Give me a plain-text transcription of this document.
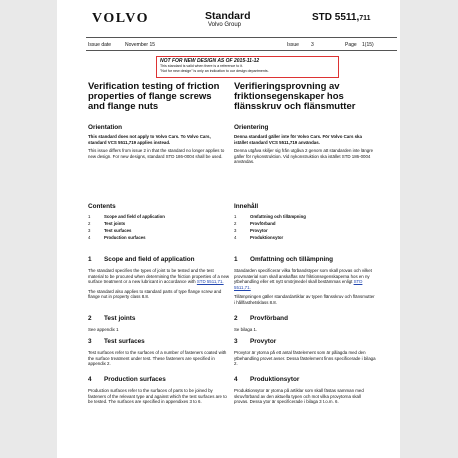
VOLVO	Standard
Volvo Group
STD 5511,711
Issue date	November 15	Issue 3	Page 1(15)
NOT FOR NEW DESIGN AS OF 2015-11-12
This standard is valid when there is a reference to it.
"Not for new design" is only an indication to our design departments.
Verification testing of friction properties of flange screws and flange nuts
Orientation
This standard does not apply to Volvo Cars. To Volvo Cars, standard VCS 5511,719 applies instead.
This issue differs from issue 2 in that the standard no longer applies to new design. For new designs, standard STD 186-0004 shall be used.
Contents
1	Scope and field of application
2	Test joints
3	Test surfaces
4	Production surfaces
1 Scope and field of application
The standard specifies the types of joint to be tested and the test material to be procured when determining the friction properties of a new surface treatment or a new lubricant in accordance with STD 5511,71.
The standard also applies to standard parts of type flange screw and flange nut in property class 8.8.
2 Test joints
See appendix 1
3 Test surfaces
Test surfaces refer to the surfaces of a number of fasteners coated with the surface treatment under test. These fasteners are specified in appendix 2.
4 Production surfaces
Production surfaces refer to the surfaces of parts to be joined by fasteners of the relevant type and against which the test surfaces are to be tested. The surfaces are specified in appendixes 3 to 6.
Verifieringsprovning av friktionsegenskaper hos flänsskruv och flänsmutter
Orientering
Denna standard gäller inte för Volvo Cars. För Volvo Cars ska istället standard VCS 5511,719 användas.
Denna utgåva skiljer sig från utgåva 2 genom att standarden inte längre gäller för nykonstruktion. Vid nykonstruktion ska istället STD 186-0004 användas.
Innehåll
1	Omfattning och tillämpning
2	Provförband
3	Provytor
4	Produktionsytor
1 Omfattning och tillämpning
Standarden specificerar vilka förbandstyper som skall provas och vilket provmaterial som skall anskaffas när friktionsegenskaperna hos en ny ytbehandling eller ett nytt smörjmedel skall bestämmas enligt STD 5511,71.
Tillämpningen gäller standardartiklar av typen flänsskruv och flänsmutter i hållfasthetsklass 8.8.
2 Provförband
Se bilaga 1.
3 Provytor
Provytor är ytorna på ett antal fästelement som är pålagda med den ytbehandling provet avser. Dessa fästelement finns specificerade i bilaga 2.
4 Produktionsytor
Produktionsytor är ytorna på artiklar som skall fästas samman med skruvförband av den aktuella typen och mot vilka provytorna skall provas. Dessa ytor är specificerade i bilaga 3 t.o.m. 6.
